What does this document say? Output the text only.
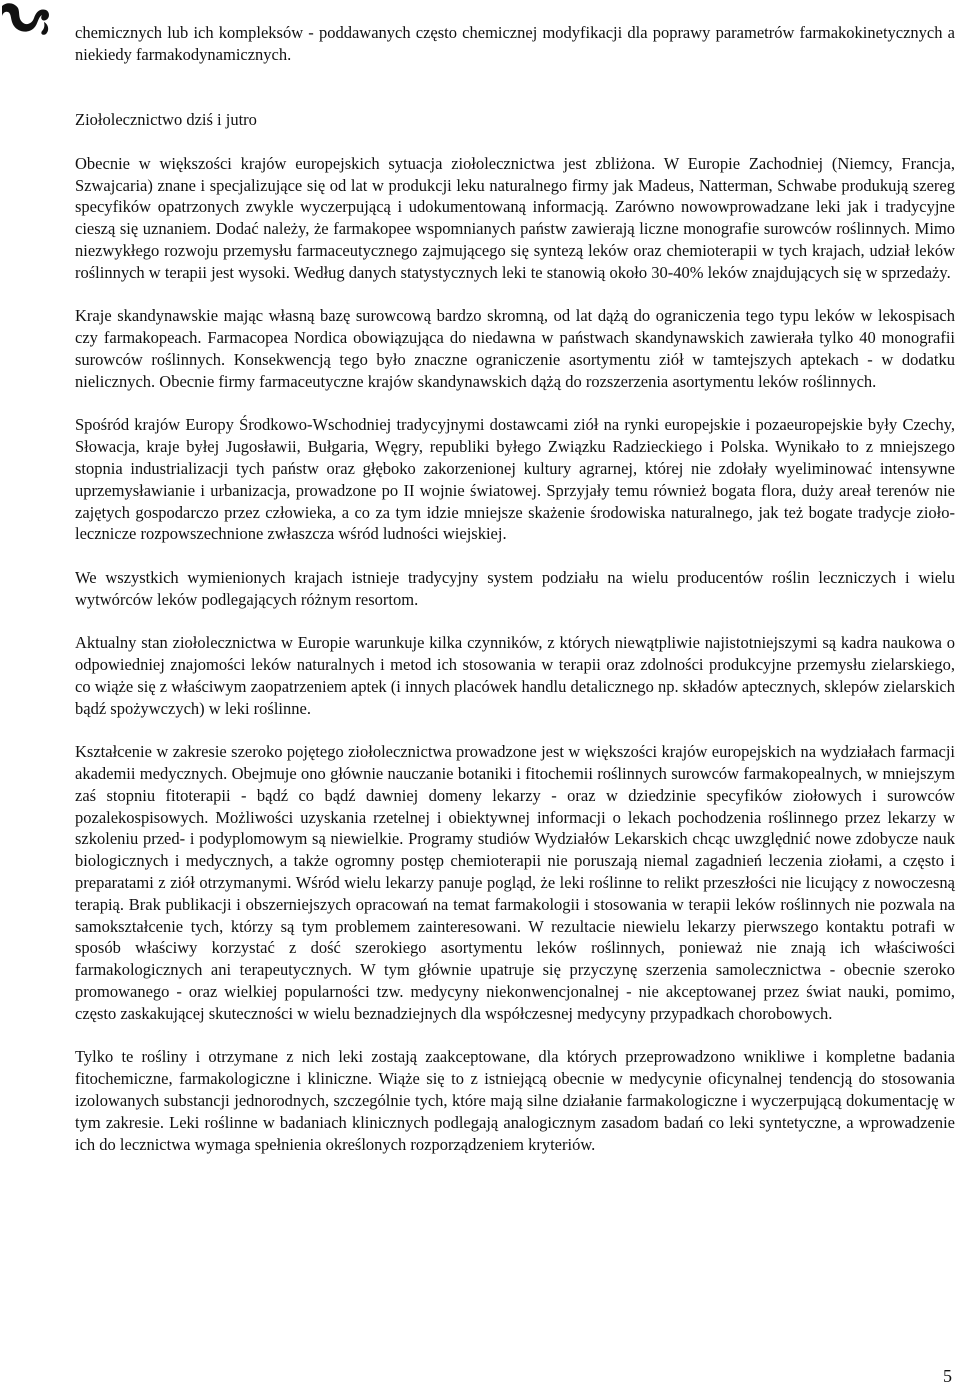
chemicznych lub ich kompleksów - poddawanych często chemicznej modyfikacji dla poprawy parametrów farmakokinetycznych a niekiedy farmakodynamicznych.

Ziołolecznictwo dziś i jutro

Obecnie w większości krajów europejskich sytuacja ziołolecznictwa jest zbliżona. W Europie Zachodniej (Niemcy, Francja, Szwajcaria) znane i specjalizujące się od lat w produkcji leku naturalnego firmy jak Madeus, Natterman, Schwabe produkują szereg specyfików opatrzonych zwykle wyczerpującą i udokumentowaną informacją. Zarówno nowowprowadzane leki jak i tradycyjne cieszą się uznaniem. Dodać należy, że farmakopee wspomnianych państw zawierają liczne monografie surowców roślinnych. Mimo niezwykłego rozwoju przemysłu farmaceutycznego zajmującego się syntezą leków oraz chemioterapii w tych krajach, udział leków roślinnych w terapii jest wysoki. Według danych statystycznych leki te stanowią około 30-40% leków znajdujących się w sprzedaży.

Kraje skandynawskie mając własną bazę surowcową bardzo skromną, od lat dążą do ograniczenia tego typu leków w lekospisach czy farmakopeach. Farmacopea Nordica obowiązująca do niedawna w państwach skandynawskich zawierała tylko 40 monografii surowców roślinnych. Konsekwencją tego było znaczne ograniczenie asortymentu ziół w tamtejszych aptekach - w dodatku nielicznych. Obecnie firmy farmaceutyczne krajów skandynawskich dążą do rozszerzenia asortymentu leków roślinnych.

Spośród krajów Europy Środkowo-Wschodniej tradycyjnymi dostawcami ziół na rynki europejskie i pozaeuropejskie były Czechy, Słowacja, kraje byłej Jugosławii, Bułgaria, Węgry, republiki byłego Związku Radzieckiego i Polska. Wynikało to z mniejszego stopnia industrializacji tych państw oraz głęboko zakorzenionej kultury agrarnej, której nie zdołały wyeliminować intensywne uprzemysławianie i urbanizacja, prowadzone po II wojnie światowej. Sprzyjały temu również bogata flora, duży areał terenów nie zajętych gospodarczo przez człowieka, a co za tym idzie mniejsze skażenie środowiska naturalnego, jak też bogate tradycje zioło-lecznicze rozpowszechnione zwłaszcza wśród ludności wiejskiej.

We wszystkich wymienionych krajach istnieje tradycyjny system podziału na wielu producentów roślin leczniczych i wielu wytwórców leków podlegających różnym resortom.

Aktualny stan ziołolecznictwa w Europie warunkuje kilka czynników, z których niewątpliwie najistotniejszymi są kadra naukowa o odpowiedniej znajomości leków naturalnych i metod ich stosowania w terapii oraz zdolności produkcyjne przemysłu zielarskiego, co wiąże się z właściwym zaopatrzeniem aptek (i innych placówek handlu detalicznego np. składów aptecznych, sklepów zielarskich bądź spożywczych) w leki roślinne.

Kształcenie w zakresie szeroko pojętego ziołolecznictwa prowadzone jest w większości krajów europejskich na wydziałach farmacji akademii medycznych. Obejmuje ono głównie nauczanie botaniki i fitochemii roślinnych surowców farmakopealnych, w mniejszym zaś stopniu fitoterapii - bądź co bądź dawniej domeny lekarzy - oraz w dziedzinie specyfików ziołowych i surowców pozalekospisowych. Możliwości uzyskania rzetelnej i obiektywnej informacji o lekach pochodzenia roślinnego przez lekarzy w szkoleniu przed- i podyplomowym są niewielkie. Programy studiów Wydziałów Lekarskich chcąc uwzględnić nowe zdobycze nauk biologicznych i medycznych, a także ogromny postęp chemioterapii nie poruszają niemal zagadnień leczenia ziołami, a często i preparatami z ziół otrzymanymi. Wśród wielu lekarzy panuje pogląd, że leki roślinne to relikt przeszłości nie licujący z nowoczesną terapią. Brak publikacji i obszerniejszych opracowań na temat farmakologii i stosowania w terapii leków roślinnych nie pozwala na samokształcenie tych, którzy są tym problemem zainteresowani. W rezultacie niewielu lekarzy pierwszego kontaktu potrafi w sposób właściwy korzystać z dość szerokiego asortymentu leków roślinnych, ponieważ nie znają ich właściwości farmakologicznych ani terapeutycznych. W tym głównie upatruje się przyczynę szerzenia samolecznictwa - obecnie szeroko promowanego - oraz wielkiej popularności tzw. medycyny niekonwencjonalnej - nie akceptowanej przez świat nauki, pomimo, często zaskakującej skuteczności w wielu beznadziejnych dla współczesnej medycyny przypadkach chorobowych.

Tylko te rośliny i otrzymane z nich leki zostają zaakceptowane, dla których przeprowadzono wnikliwe i kompletne badania fitochemiczne, farmakologiczne i kliniczne. Wiąże się to z istniejącą obecnie w medycynie oficynalnej tendencją do stosowania izolowanych substancji jednorodnych, szczególnie tych, które mają silne działanie farmakologiczne i wyczerpującą dokumentację w tym zakresie. Leki roślinne w badaniach klinicznych podlegają analogicznym zasadom badań co leki syntetyczne, a wprowadzenie ich do lecznictwa wymaga spełnienia określonych rozporządzeniem kryteriów.

5
